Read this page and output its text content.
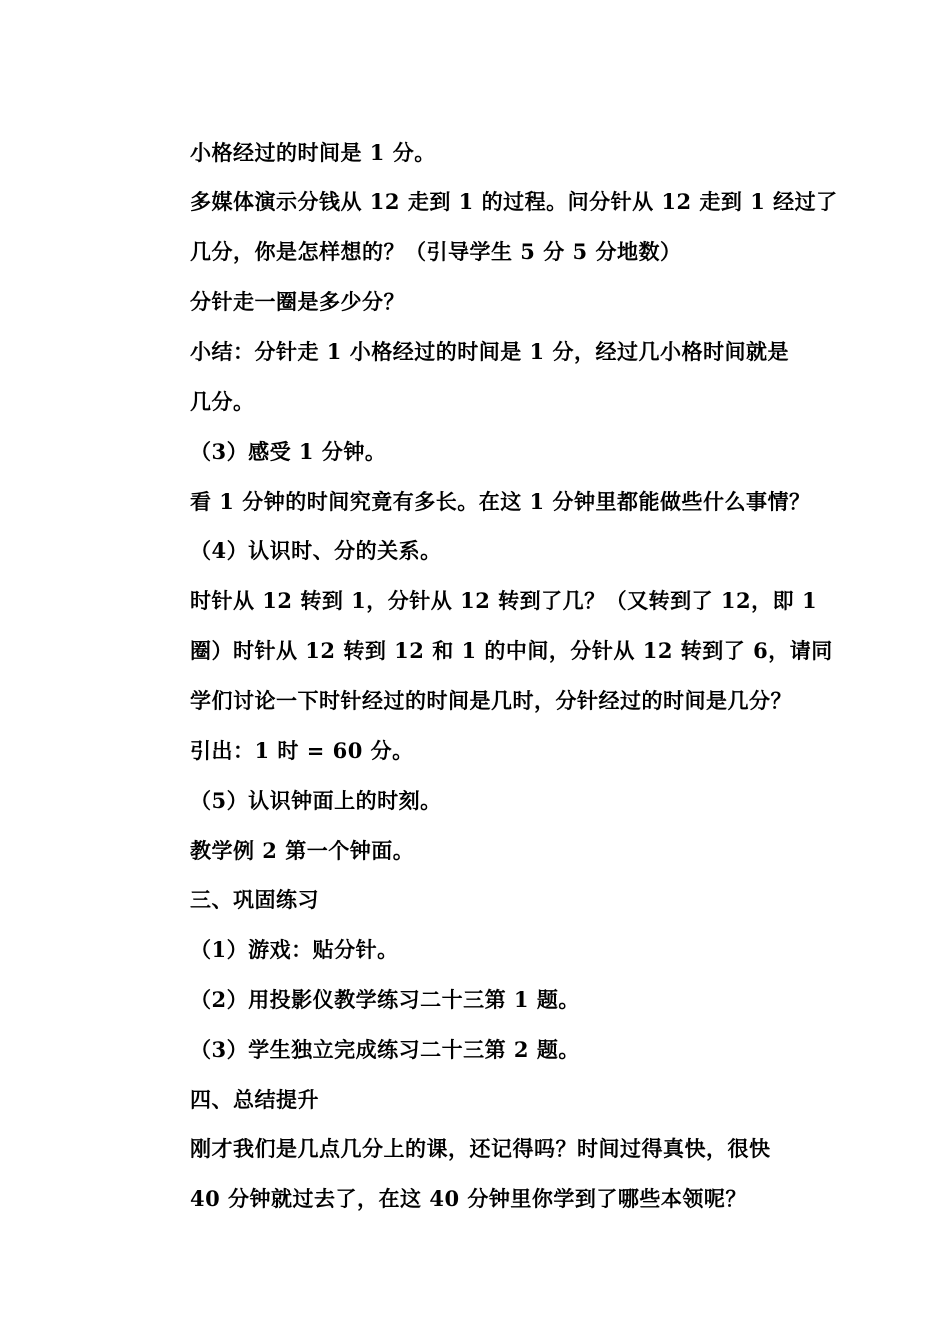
小格经过的时间是 1 分。
多媒体演示分钱从 12 走到 1 的过程。问分针从 12 走到 1 经过了
几分，你是怎样想的？（引导学生 5 分 5 分地数）
分针走一圈是多少分？
小结：分针走 1 小格经过的时间是 1 分，经过几小格时间就是
几分。
（3）感受 1 分钟。
看 1 分钟的时间究竟有多长。在这 1 分钟里都能做些什么事情？
（4）认识时、分的关系。
时针从 12 转到 1，分针从 12 转到了几？（又转到了 12，即 1
圈）时针从 12 转到 12 和 1 的中间，分针从 12 转到了 6，请同
学们讨论一下时针经过的时间是几时，分针经过的时间是几分？
引出：1 时 = 60 分。
（5）认识钟面上的时刻。
教学例 2 第一个钟面。
三、巩固练习
（1）游戏：贴分针。
（2）用投影仪教学练习二十三第 1 题。
（3）学生独立完成练习二十三第 2 题。
四、总结提升
刚才我们是几点几分上的课，还记得吗？时间过得真快，很快
40 分钟就过去了，在这 40 分钟里你学到了哪些本领呢？
